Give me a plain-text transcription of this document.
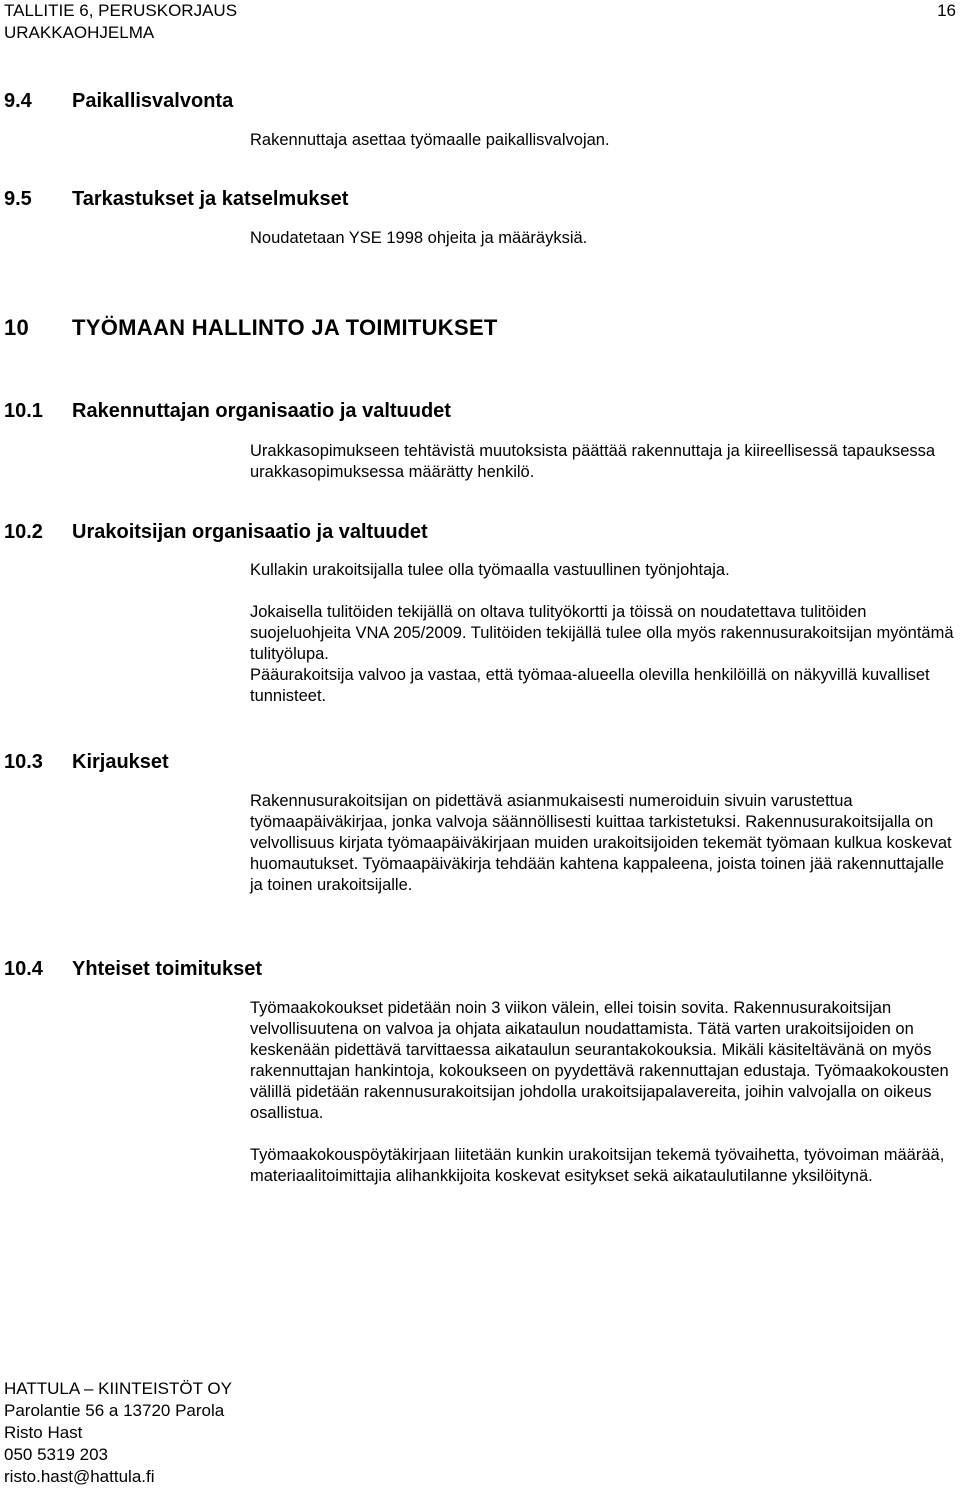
TALLITIE 6, PERUSKORJAUS
URAKKAOHJELMA
16
9.4 Paikallisvalvonta

Rakennuttaja asettaa työmaalle paikallisvalvojan.

9.5 Tarkastukset ja katselmukset

Noudatetaan YSE 1998 ohjeita ja määräyksiä.

10 TYÖMAAN HALLINTO JA TOIMITUKSET
10.1 Rakennuttajan organisaatio ja valtuudet

Urakkasopimukseen tehtävistä muutoksista päättää rakennuttaja ja kiireellisessä tapauksessa urakkasopimuksessa määrätty henkilö.

10.2 Urakoitsijan organisaatio ja valtuudet

Kullakin urakoitsijalla tulee olla työmaalla vastuullinen työnjohtaja.

Jokaisella tulitöiden tekijällä on oltava tulityökortti ja töissä on noudatettava tulitöiden suojeluohjeita VNA 205/2009. Tulitöiden tekijällä tulee olla myös rakennusurakoitsijan myöntämä tulityölupa.

Pääurakoitsija valvoo ja vastaa, että työmaa-alueella olevilla henkilöillä on näkyvillä kuvalliset tunnisteet.

10.3 Kirjaukset

Rakennusurakoitsijan on pidettävä asianmukaisesti numeroiduin sivuin varustettua työmaapäiväkirjaa, jonka valvoja säännöllisesti kuittaa tarkistetuksi. Rakennusurakoitsijalla on velvollisuus kirjata työmaapäiväkirjaan muiden urakoitsijoiden tekemät työmaan kulkua koskevat huomautukset. Työmaapäiväkirja tehdään kahtena kappaleena, joista toinen jää rakennuttajalle ja toinen urakoitsijalle.

10.4 Yhteiset toimitukset

Työmaakokoukset pidetään noin 3 viikon välein, ellei toisin sovita. Rakennusurakoitsijan velvollisuutena on valvoa ja ohjata aikataulun noudattamista. Tätä varten urakoitsijoiden on keskenään pidettävä tarvittaessa aikataulun seurantakokouksia. Mikäli käsiteltävänä on myös rakennuttajan hankintoja, kokoukseen on pyydettävä rakennuttajan edustaja. Työmaakokousten välillä pidetään rakennusurakoitsijan johdolla urakoitsijapalavereita, joihin valvojalla on oikeus osallistua.

Työmaakokouspöytäkirjaan liitetään kunkin urakoitsijan tekemä työvaihetta, työvoiman määrää, materiaalitoimittajia alihankkijoita koskevat esitykset sekä aikataulutilanne yksilöitynä.

HATTULA – KIINTEISTÖT OY
Parolantie 56 a 13720 Parola
Risto Hast
050 5319 203
risto.hast@hattula.fi
